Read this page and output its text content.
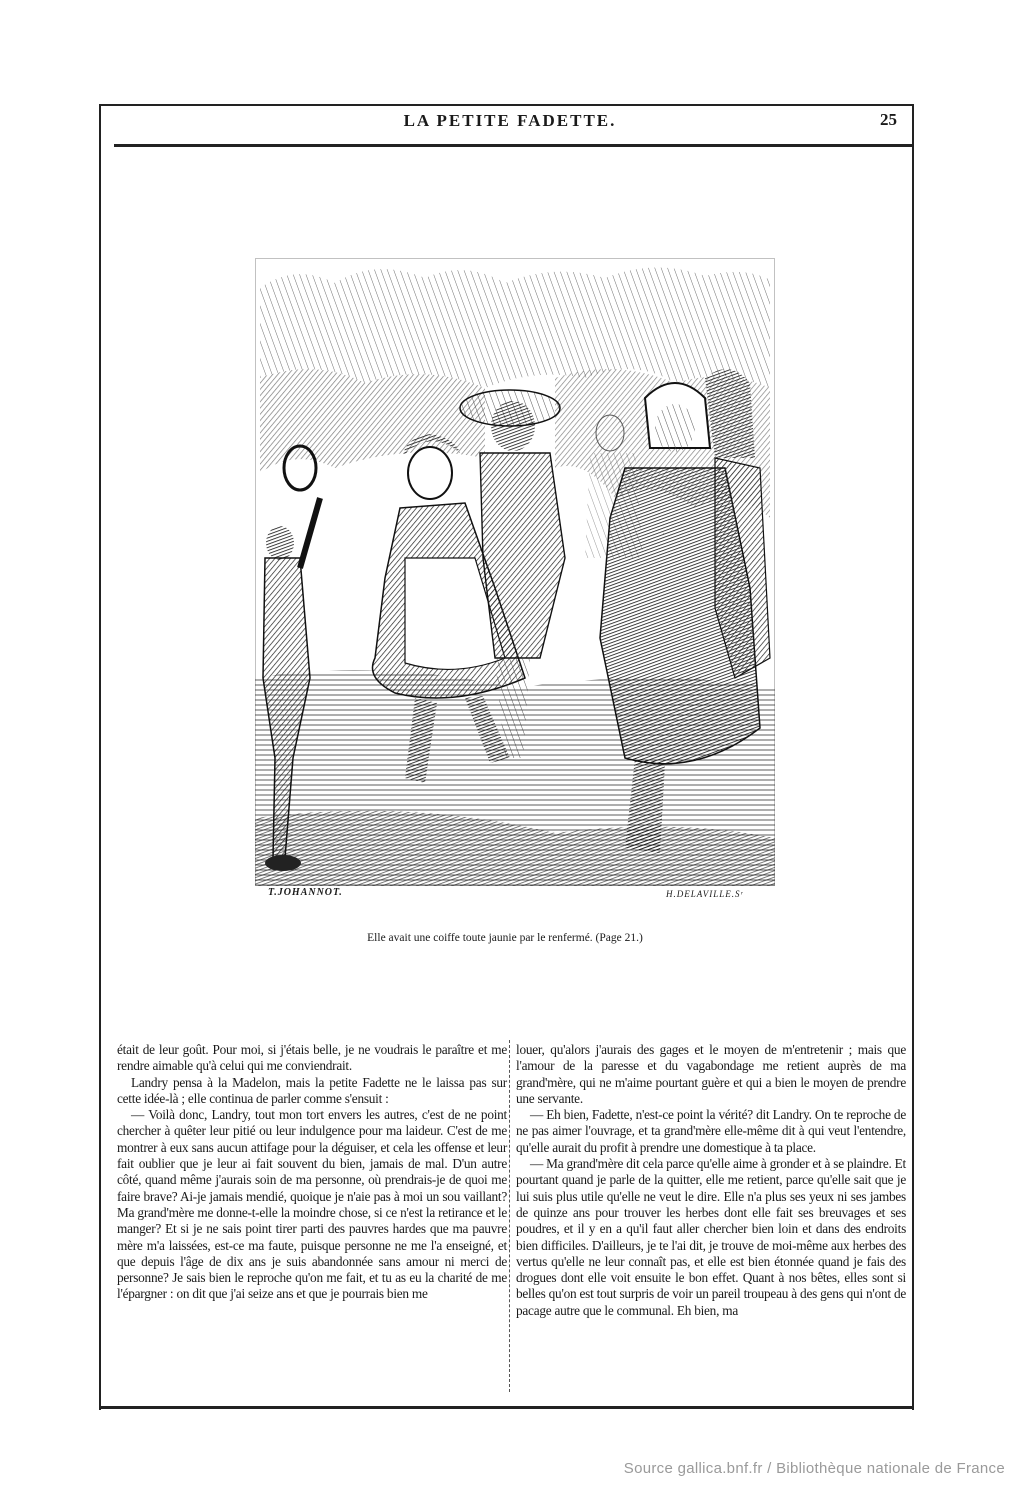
LA PETITE FADETTE.	25
T.JOHANNOT.	H.DELAVILLE.Sʳ
Elle avait une coiffe toute jaunie par le renfermé. (Page 21.)

était de leur goût. Pour moi, si j'étais belle, je ne voudrais le paraître et me rendre aimable qu'à celui qui me conviendrait.

Landry pensa à la Madelon, mais la petite Fadette ne le laissa pas sur cette idée-là ; elle continua de parler comme s'ensuit :

— Voilà donc, Landry, tout mon tort envers les autres, c'est de ne point chercher à quêter leur pitié ou leur indulgence pour ma laideur. C'est de me montrer à eux sans aucun attifage pour la déguiser, et cela les offense et leur fait oublier que je leur ai fait souvent du bien, jamais de mal. D'un autre côté, quand même j'aurais soin de ma personne, où prendrais-je de quoi me faire brave? Ai-je jamais mendié, quoique je n'aie pas à moi un sou vaillant? Ma grand'mère me donne-t-elle la moindre chose, si ce n'est la retirance et le manger? Et si je ne sais point tirer parti des pauvres hardes que ma pauvre mère m'a laissées, est-ce ma faute, puisque personne ne me l'a enseigné, et que depuis l'âge de dix ans je suis abandonnée sans amour ni merci de personne? Je sais bien le reproche qu'on me fait, et tu as eu la charité de me l'épargner : on dit que j'ai seize ans et que je pourrais bien me

louer, qu'alors j'aurais des gages et le moyen de m'entretenir ; mais que l'amour de la paresse et du vagabondage me retient auprès de ma grand'mère, qui ne m'aime pourtant guère et qui a bien le moyen de prendre une servante.

— Eh bien, Fadette, n'est-ce point la vérité? dit Landry. On te reproche de ne pas aimer l'ouvrage, et ta grand'mère elle-même dit à qui veut l'entendre, qu'elle aurait du profit à prendre une domestique à ta place.

— Ma grand'mère dit cela parce qu'elle aime à gronder et à se plaindre. Et pourtant quand je parle de la quitter, elle me retient, parce qu'elle sait que je lui suis plus utile qu'elle ne veut le dire. Elle n'a plus ses yeux ni ses jambes de quinze ans pour trouver les herbes dont elle fait ses breuvages et ses poudres, et il y en a qu'il faut aller chercher bien loin et dans des endroits bien difficiles. D'ailleurs, je te l'ai dit, je trouve de moi-même aux herbes des vertus qu'elle ne leur connaît pas, et elle est bien étonnée quand je fais des drogues dont elle voit ensuite le bon effet. Quant à nos bêtes, elles sont si belles qu'on est tout surpris de voir un pareil troupeau à des gens qui n'ont de pacage autre que le communal. Eh bien, ma

Source gallica.bnf.fr / Bibliothèque nationale de France
